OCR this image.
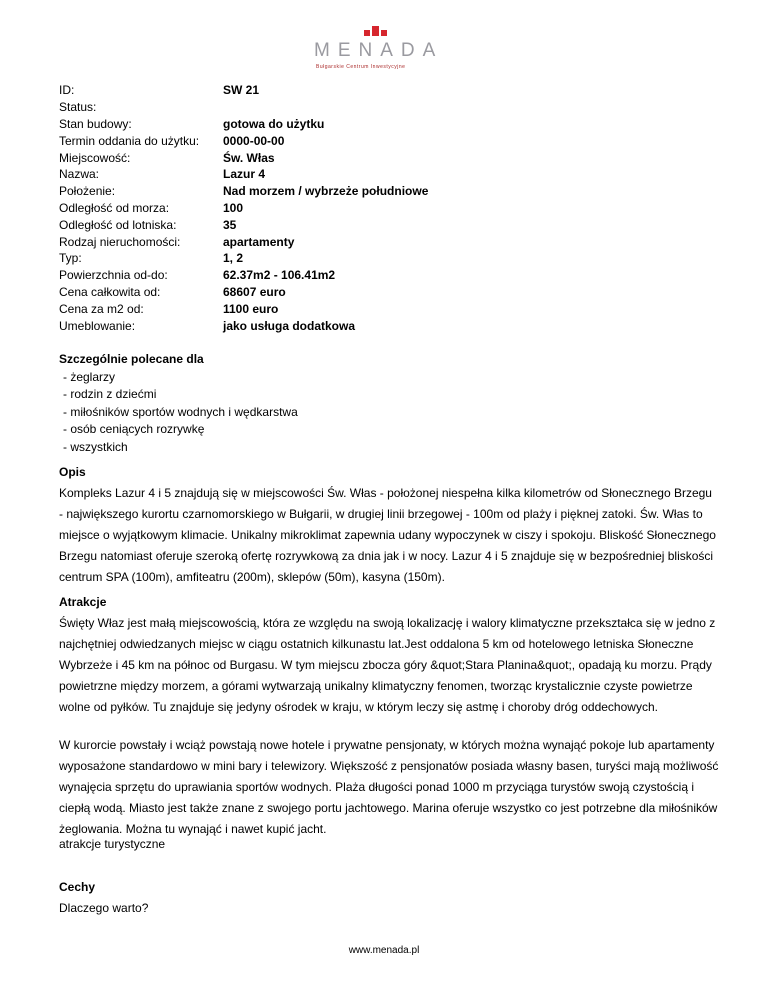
MENADA
Bułgarskie Centrum Inwestycyjne
ID:	SW 21
Status:
Stan budowy:	gotowa do użytku
Termin oddania do użytku:	0000-00-00
Miejscowość:	Św. Włas
Nazwa:	Lazur 4
Położenie:	Nad morzem / wybrzeże południowe
Odległość od morza:	100
Odległość od lotniska:	35
Rodzaj nieruchomości:	apartamenty
Typ:	1, 2
Powierzchnia od-do:	62.37m2 - 106.41m2
Cena całkowita od:	68607 euro
Cena za m2 od:	1100 euro
Umeblowanie:	jako usługa dodatkowa
Szczególnie polecane dla
- żeglarzy
- rodzin z dziećmi
- miłośników sportów wodnych i wędkarstwa
- osób ceniących rozrywkę
- wszystkich
Opis
Kompleks Lazur 4 i 5 znajdują się w miejscowości Św. Włas - położonej niespełna kilka kilometrów od Słonecznego Brzegu - największego kurortu czarnomorskiego w Bułgarii, w drugiej linii brzegowej - 100m od plaży i pięknej zatoki. Św. Włas to miejsce o wyjątkowym klimacie. Unikalny mikroklimat zapewnia udany wypoczynek w ciszy i spokoju. Bliskość Słonecznego Brzegu natomiast oferuje szeroką ofertę rozrywkową za dnia jak i w nocy. Lazur 4 i 5 znajduje się w bezpośredniej bliskości centrum SPA (100m), amfiteatru (200m), sklepów (50m), kasyna (150m).
Atrakcje
Święty Właz jest małą miejscowością, która ze względu na swoją lokalizację i walory klimatyczne przekształca się w jedno z najchętniej odwiedzanych miejsc w ciągu ostatnich kilkunastu lat.Jest oddalona 5 km od hotelowego letniska Słoneczne Wybrzeże i 45 km na północ od Burgasu. W tym miejscu zbocza góry &quot;Stara Planina&quot;, opadają ku morzu. Prądy powietrzne między morzem, a górami wytwarzają unikalny klimatyczny fenomen, tworząc krystalicznie czyste powietrze wolne od pyłków. Tu znajduje się jedyny ośrodek w kraju, w którym leczy się astmę i choroby dróg oddechowych.
W kurorcie powstały i wciąż powstają nowe hotele i prywatne pensjonaty, w których można wynająć pokoje lub apartamenty wyposażone standardowo w mini bary i telewizory. Większość z pensjonatów posiada własny basen, turyści mają możliwość wynajęcia sprzętu do uprawiania sportów wodnych. Plaża długości ponad 1000 m przyciąga turystów swoją czystością i ciepłą wodą. Miasto jest także znane z swojego portu jachtowego. Marina oferuje wszystko co jest potrzebne dla miłośników żeglowania. Można tu wynająć i nawet kupić jacht.
atrakcje turystyczne
Cechy
Dlaczego warto?
www.menada.pl
